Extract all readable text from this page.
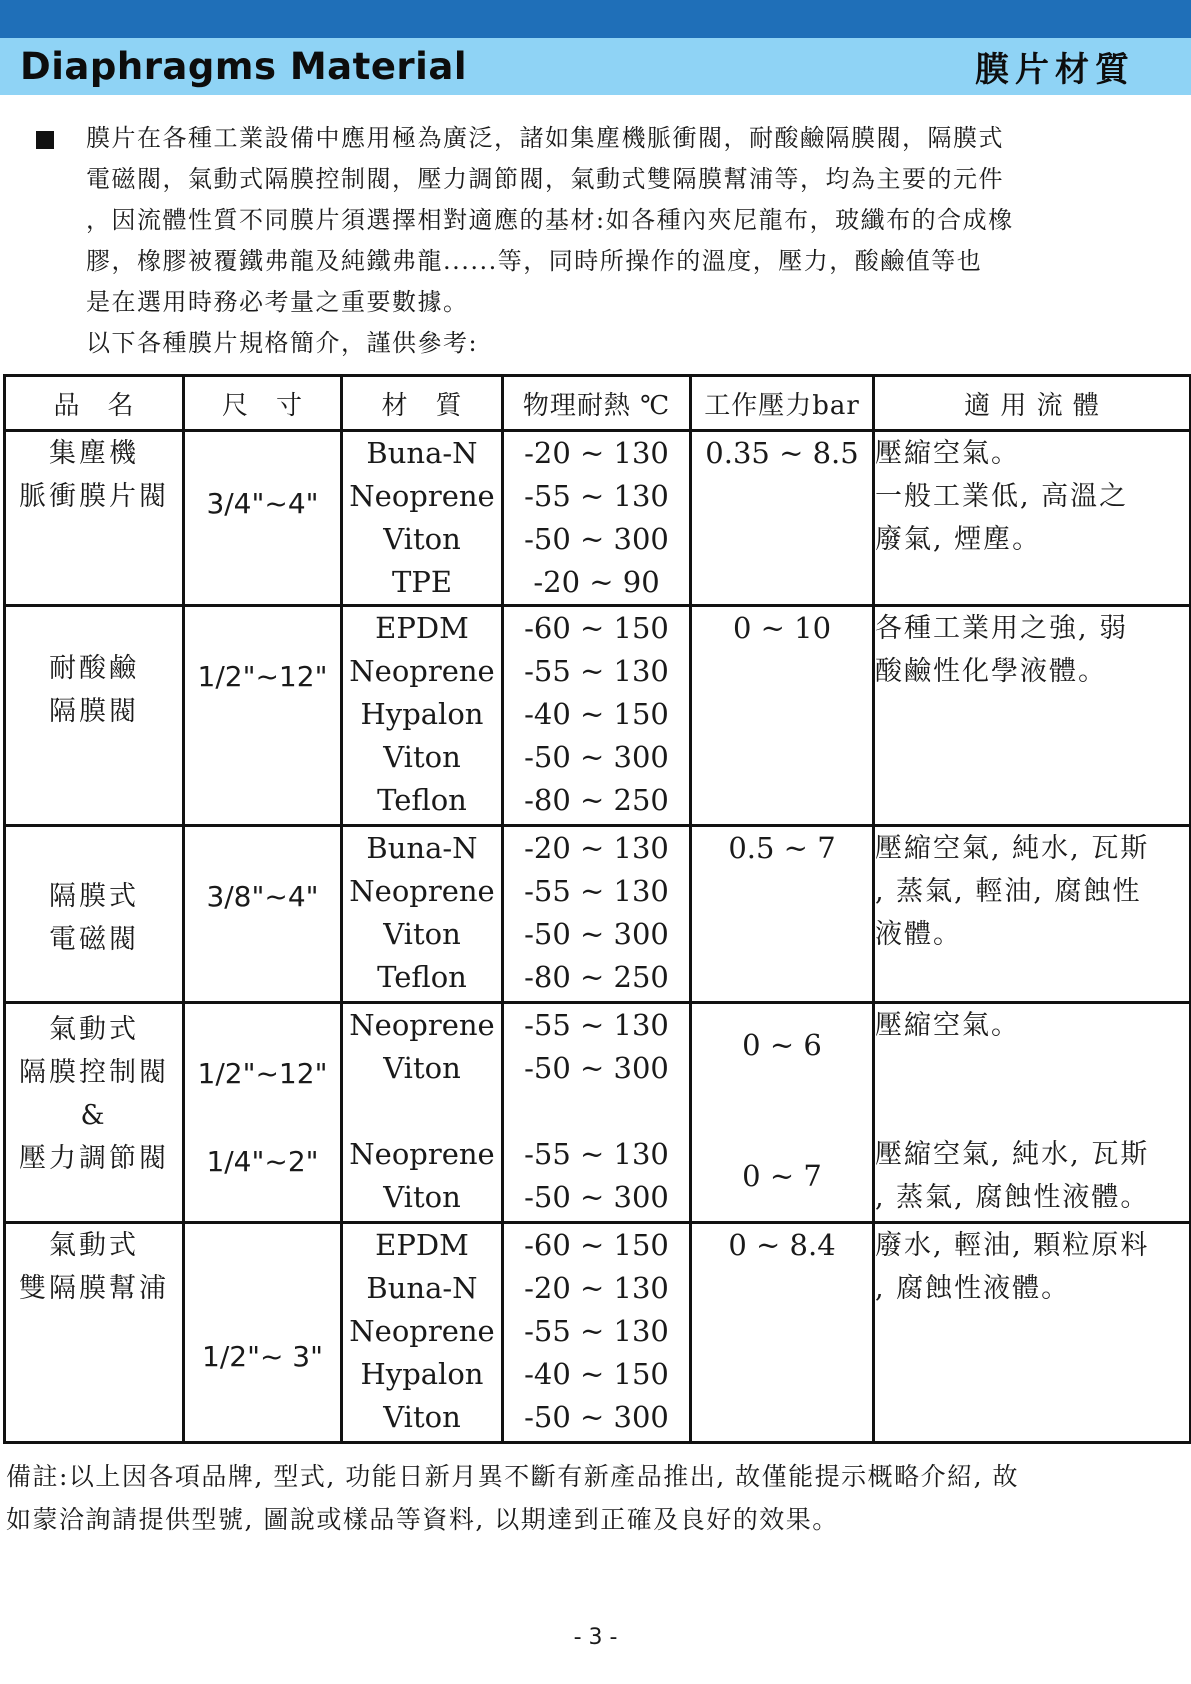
Diaphragms Material	膜片材質

膜片在各種工業設備中應用極為廣泛，諸如集塵機脈衝閥，耐酸鹼隔膜閥，隔膜式

電磁閥，氣動式隔膜控制閥，壓力調節閥，氣動式雙隔膜幫浦等，均為主要的元件

，因流體性質不同膜片須選擇相對適應的基材:如各種內夾尼龍布，玻纖布的合成橡

膠，橡膠被覆鐵弗龍及純鐵弗龍......等，同時所操作的溫度，壓力，酸鹼值等也

是在選用時務必考量之重要數據。

以下各種膜片規格簡介，謹供參考:

品　名	尺　寸	材　質	物理耐熱 ℃	工作壓力bar	適 用 流 體

集塵機
脈衝膜片閥	3/4"~4"	Buna-N
Neoprene
Viton
TPE	-20 ~ 130
-55 ~ 130
-50 ~ 300
-20 ~ 90	0.35 ~ 8.5	壓縮空氣。
一般工業低, 高溫之
廢氣, 煙塵。

耐酸鹼
隔膜閥	1/2"~12"	EPDM
Neoprene
Hypalon
Viton
Teflon	-60 ~ 150
-55 ~ 130
-40 ~ 150
-50 ~ 300
-80 ~ 250	0 ~ 10	各種工業用之強, 弱
酸鹼性化學液體。

隔膜式
電磁閥	3/8"~4"	Buna-N
Neoprene
Viton
Teflon	-20 ~ 130
-55 ~ 130
-50 ~ 300
-80 ~ 250	0.5 ~ 7	壓縮空氣, 純水, 瓦斯
, 蒸氣, 輕油, 腐蝕性
液體。

氣動式
隔膜控制閥
&
壓力調節閥	1/2"~12"
1/4"~2"	Neoprene
Viton

Neoprene
Viton	-55 ~ 130
-50 ~ 300

-55 ~ 130
-50 ~ 300	0 ~ 6
0 ~ 7	壓縮空氣。

壓縮空氣, 純水, 瓦斯
, 蒸氣, 腐蝕性液體。

氣動式
雙隔膜幫浦	1/2"~ 3"	EPDM
Buna-N
Neoprene
Hypalon
Viton	-60 ~ 150
-20 ~ 130
-55 ~ 130
-40 ~ 150
-50 ~ 300	0 ~ 8.4	廢水, 輕油, 顆粒原料
, 腐蝕性液體。

備註:以上因各項品牌, 型式, 功能日新月異不斷有新產品推出, 故僅能提示概略介紹, 故

如蒙洽詢請提供型號, 圖說或樣品等資料, 以期達到正確及良好的效果。

- 3 -
